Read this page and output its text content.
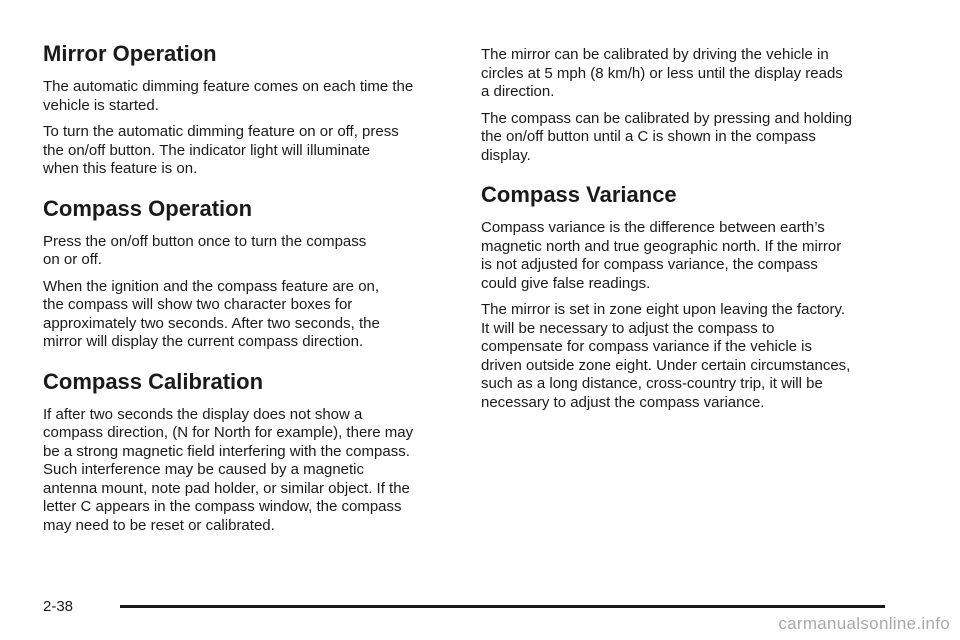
Mirror Operation

The automatic dimming feature comes on each time the
vehicle is started.

To turn the automatic dimming feature on or off, press
the on/off button. The indicator light will illuminate
when this feature is on.

Compass Operation

Press the on/off button once to turn the compass
on or off.

When the ignition and the compass feature are on,
the compass will show two character boxes for
approximately two seconds. After two seconds, the
mirror will display the current compass direction.

Compass Calibration

If after two seconds the display does not show a
compass direction, (N for North for example), there may
be a strong magnetic field interfering with the compass.
Such interference may be caused by a magnetic
antenna mount, note pad holder, or similar object. If the
letter C appears in the compass window, the compass
may need to be reset or calibrated.

The mirror can be calibrated by driving the vehicle in
circles at 5 mph (8 km/h) or less until the display reads
a direction.

The compass can be calibrated by pressing and holding
the on/off button until a C is shown in the compass
display.

Compass Variance

Compass variance is the difference between earth’s
magnetic north and true geographic north. If the mirror
is not adjusted for compass variance, the compass
could give false readings.

The mirror is set in zone eight upon leaving the factory.
It will be necessary to adjust the compass to
compensate for compass variance if the vehicle is
driven outside zone eight. Under certain circumstances,
such as a long distance, cross-country trip, it will be
necessary to adjust the compass variance.

2-38
carmanualsonline.info
